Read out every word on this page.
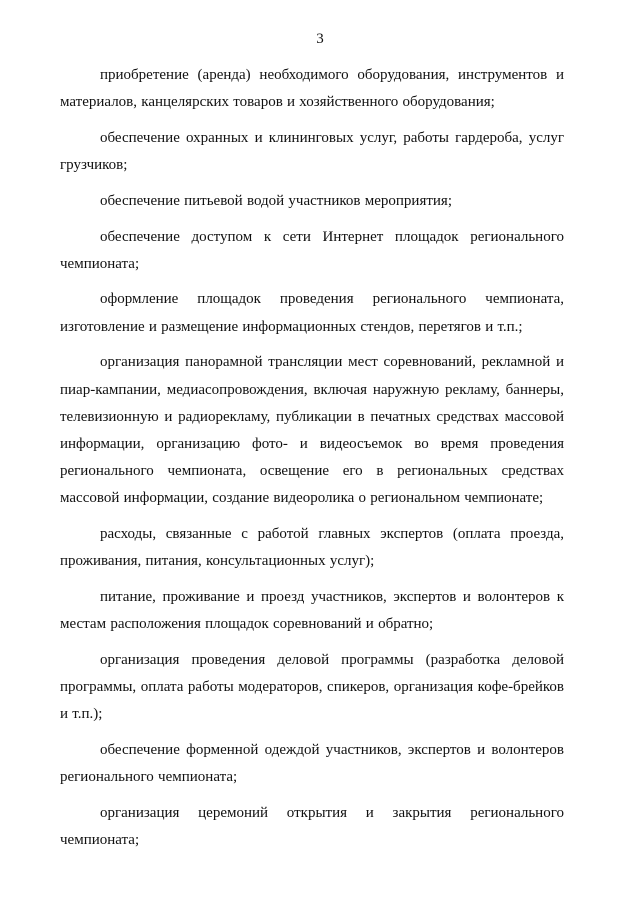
3

приобретение (аренда) необходимого оборудования, инструментов и материалов, канцелярских товаров и хозяйственного оборудования;

обеспечение охранных и клининговых услуг, работы гардероба, услуг грузчиков;

обеспечение питьевой водой участников мероприятия;

обеспечение доступом к сети Интернет площадок регионального чемпионата;

оформление площадок проведения регионального чемпионата, изготовление и размещение информационных стендов, перетягов и т.п.;

организация панорамной трансляции мест соревнований, рекламной и пиар-кампании, медиасопровождения, включая наружную рекламу, баннеры, телевизионную и радиорекламу, публикации в печатных средствах массовой информации, организацию фото- и видеосъемок во время проведения регионального чемпионата, освещение его в региональных средствах массовой информации, создание видеоролика о региональном чемпионате;

расходы, связанные с работой главных экспертов (оплата проезда, проживания, питания, консультационных услуг);

питание, проживание и проезд участников, экспертов и волонтеров к местам расположения площадок соревнований и обратно;

организация проведения деловой программы (разработка деловой программы, оплата работы модераторов, спикеров, организация кофе-брейков и т.п.);

обеспечение форменной одеждой участников, экспертов и волонтеров регионального чемпионата;

организация церемоний открытия и закрытия регионального чемпионата;
